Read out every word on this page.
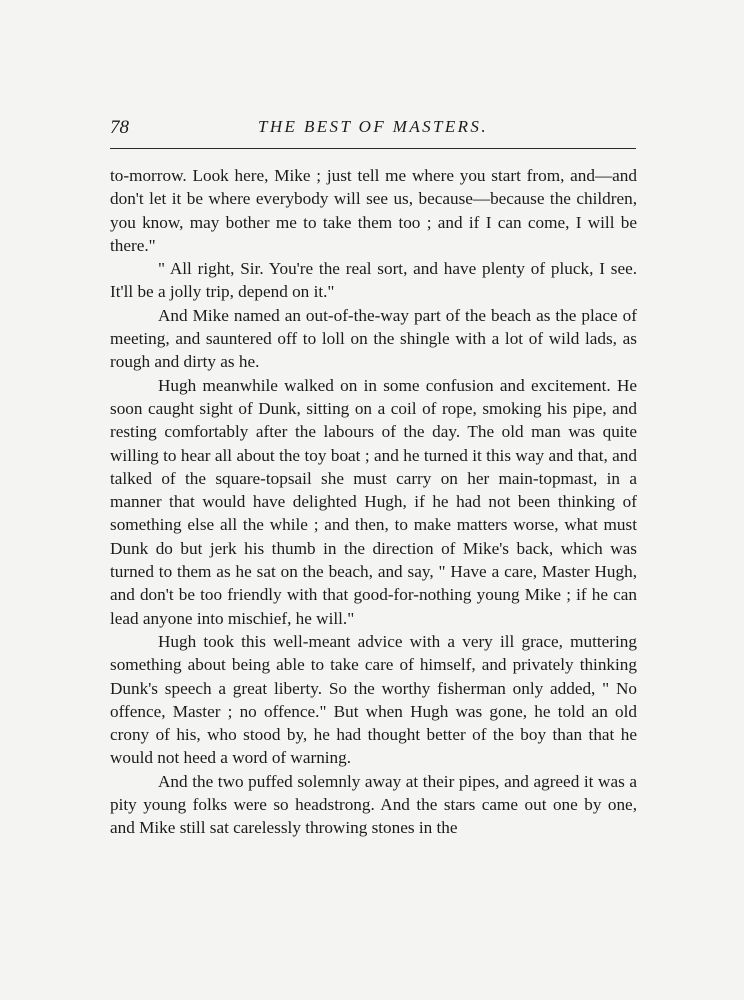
78	THE BEST OF MASTERS.

to-morrow. Look here, Mike ; just tell me where you start from, and—and don't let it be where everybody will see us, because—because the children, you know, may bother me to take them too ; and if I can come, I will be there."

" All right, Sir. You're the real sort, and have plenty of pluck, I see. It'll be a jolly trip, depend on it."

And Mike named an out-of-the-way part of the beach as the place of meeting, and sauntered off to loll on the shingle with a lot of wild lads, as rough and dirty as he.

Hugh meanwhile walked on in some confusion and excitement. He soon caught sight of Dunk, sitting on a coil of rope, smoking his pipe, and resting comfortably after the labours of the day. The old man was quite willing to hear all about the toy boat ; and he turned it this way and that, and talked of the square-topsail she must carry on her main-topmast, in a manner that would have delighted Hugh, if he had not been thinking of something else all the while ; and then, to make matters worse, what must Dunk do but jerk his thumb in the direction of Mike's back, which was turned to them as he sat on the beach, and say, " Have a care, Master Hugh, and don't be too friendly with that good-for-nothing young Mike ; if he can lead anyone into mischief, he will."

Hugh took this well-meant advice with a very ill grace, muttering something about being able to take care of himself, and privately thinking Dunk's speech a great liberty. So the worthy fisherman only added, " No offence, Master ; no offence." But when Hugh was gone, he told an old crony of his, who stood by, he had thought better of the boy than that he would not heed a word of warning.

And the two puffed solemnly away at their pipes, and agreed it was a pity young folks were so headstrong. And the stars came out one by one, and Mike still sat carelessly throwing stones in the
